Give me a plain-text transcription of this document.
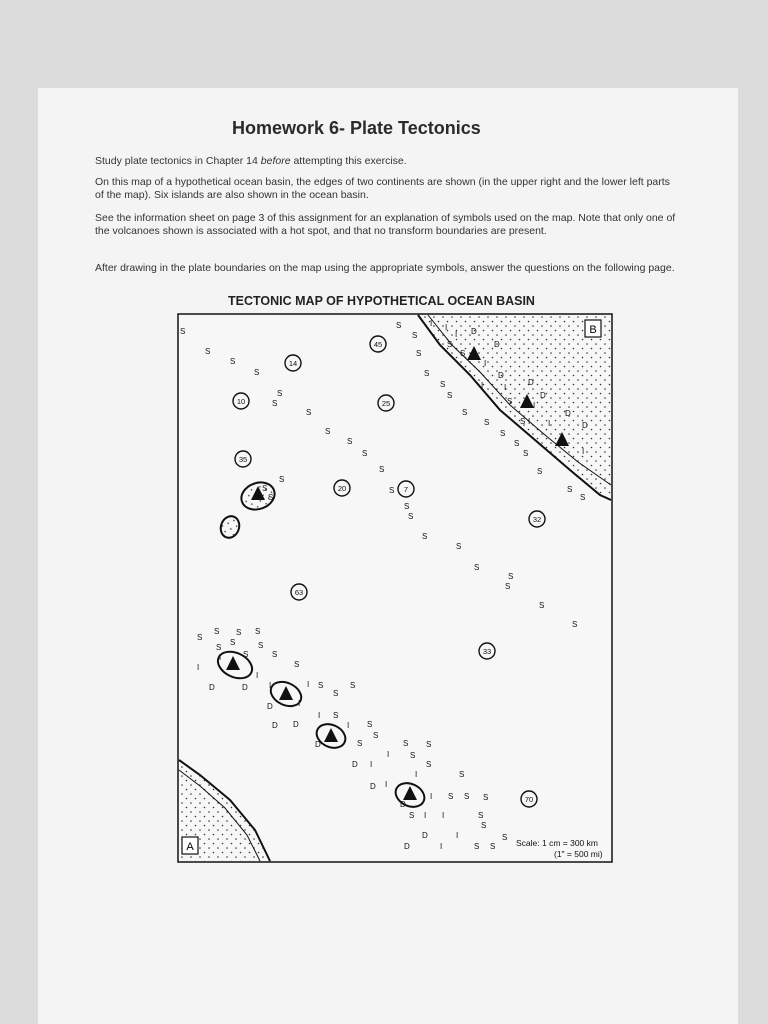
Homework 6- Plate Tectonics
Study plate tectonics in Chapter 14 before attempting this exercise.
On this map of a hypothetical ocean basin, the edges of two continents are shown (in the upper right and the lower left parts of the map). Six islands are also shown in the ocean basin.
See the information sheet on page 3 of this assignment for an explanation of symbols used on the map. Note that only one of the volcanoes shown is associated with a hot spot, and that no transform boundaries are present.
After drawing in the plate boundaries on the map using the appropriate symbols, answer the questions on the following page.
TECTONIC MAP OF HYPOTHETICAL OCEAN BASIN
B
A
45
14
10	25
35
20	7
32
63
33
70
S
S
S
S
S
S
S
S
S
S
S
S
S
S
S
S
S
S
S
S
S
S
S
S
S
S
S
S
S
S
S
S
S
S
S
S
S
S
I I
I D
S	D
S
I
D
I	I
D
D
S	I
D
S I I	D
I
S
S S S
S
S
S
S
S
S
S
S
S
S
S
S
S	S S
S
S
S
S S S
S
S
S
S
S
S
I
I
I
D	D	I	I
I
D
D D
I
I
D
I
D I
I
D I
D
I
I I
D	I
D	I	Scale: 1 cm = 300 km
(1" = 500 mi)
